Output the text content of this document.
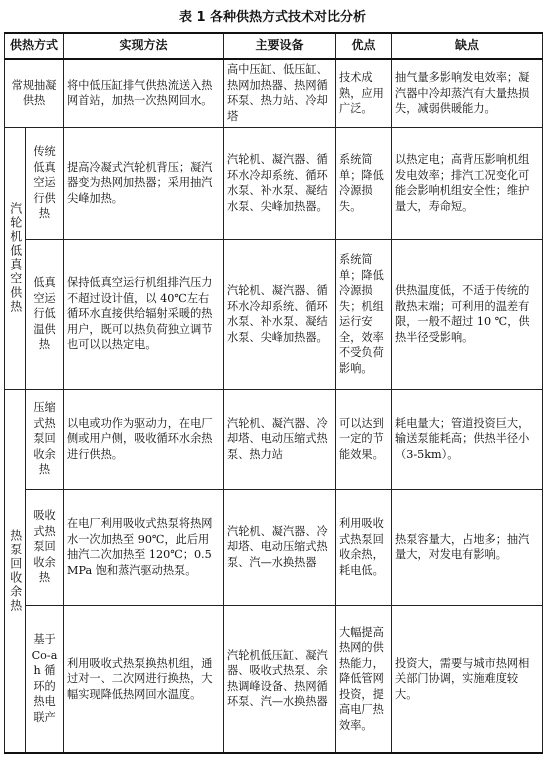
表 1 各种供热方式技术对比分析
供热方式		实现方法	主要设备	优点	缺点
常规抽凝供热		将中低压缸排气供热流送入热网首站，加热一次热网回水。	高中压缸、低压缸、热网加热器、热网循环泵、热力站、冷却塔	技术成熟，应用广泛。	抽气量多影响发电效率；凝汽器中冷却蒸汽有大量热损失，减弱供暖能力。
汽轮机低真空供热	传统低真空运行供热	提高冷凝式汽轮机背压；凝汽器变为热网加热器；采用抽汽尖峰加热。	汽轮机、凝汽器、循环水冷却系统、循环水泵、补水泵、凝结水泵、尖峰加热器。	系统简单；降低冷源损失。	以热定电；高背压影响机组发电效率；排汽工况变化可能会影响机组安全性；维护量大，寿命短。
	低真空运行低温供热	保持低真空运行机组排汽压力不超过设计值，以 40℃左右循环水直接供给辐射采暖的热用户，既可以热负荷独立调节也可以以热定电。	汽轮机、凝汽器、循环水冷却系统、循环水泵、补水泵、凝结水泵、尖峰加热器。	系统简单；降低冷源损失；机组运行安全，效率不受负荷影响。	供热温度低，不适于传统的散热末端；可利用的温差有限，一般不超过 10 ℃，供热半径受影响。
热泵回收余热	压缩式热泵回收余热	以电或功作为驱动力，在电厂侧或用户侧，吸收循环水余热进行供热。	汽轮机、凝汽器、冷却塔、电动压缩式热泵、热力站	可以达到一定的节能效果。	耗电量大；管道投资巨大，输送泵能耗高；供热半径小（3-5km）。
	吸收式热泵回收余热	在电厂利用吸收式热泵将热网水一次加热至 90℃，此后用抽汽二次加热至 120℃；0.5MPa 饱和蒸汽驱动热泵。	汽轮机、凝汽器、冷却塔、电动压缩式热泵、汽—水换热器	利用吸收式热泵回收余热，耗电低。	热泵容量大，占地多；抽汽量大，对发电有影响。
	基于 Co-ah 循环的热电联产	利用吸收式热泵换热机组，通过对一、二次网进行换热，大幅实现降低热网回水温度。	汽轮机低压缸、凝汽器、吸收式热泵、余热调峰设备、热网循环泵、汽—水换热器	大幅提高热网的供热能力，降低管网投资，提高电厂热效率。	投资大，需要与城市热网相关部门协调，实施难度较大。
